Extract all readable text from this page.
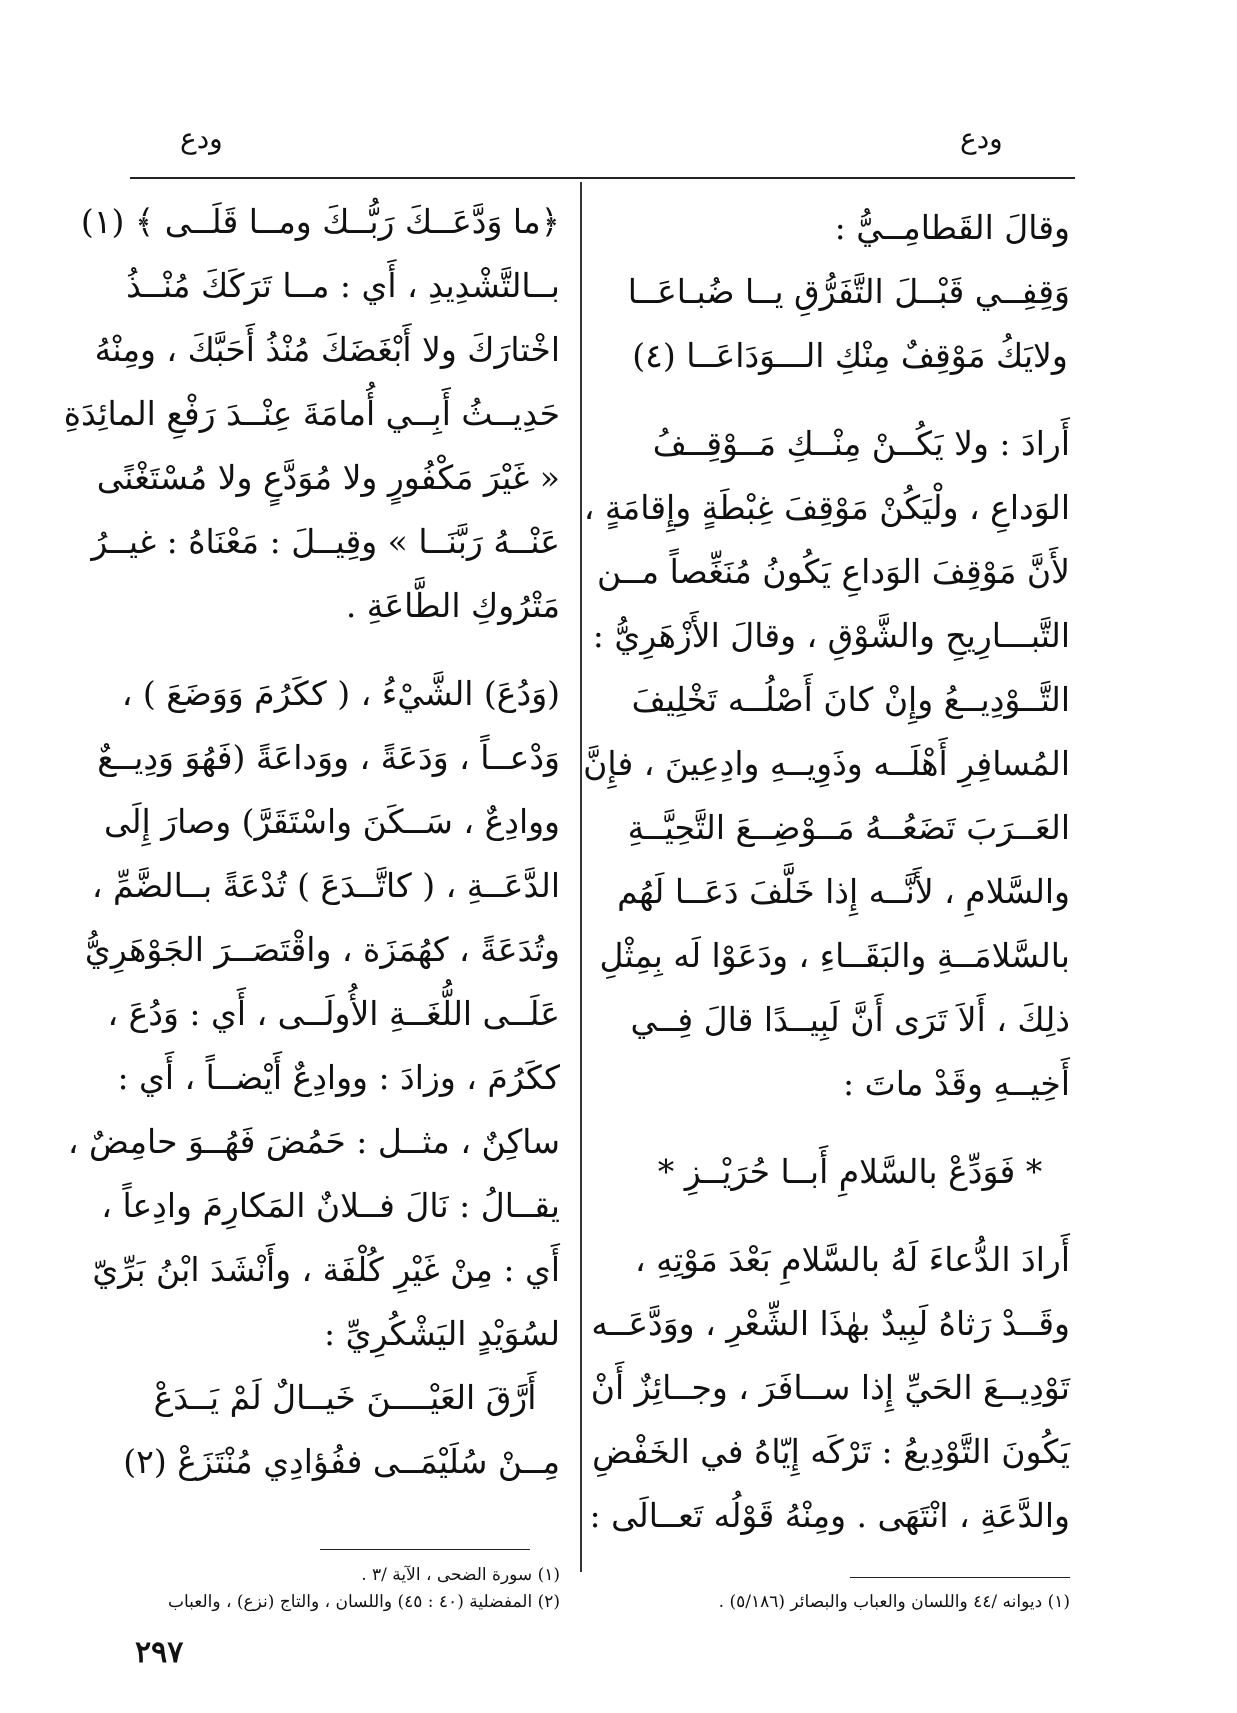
ودع
ودع
وقالَ القَطامِــيُّ :
وَقِفِــي قَبْــلَ التَّفَرُّقِ يــا ضُبـاعَــا
ولايَكُ مَوْقِفٌ مِنْكِ الـــوَدَاعَــا (٤)
أَرادَ : ولا يَكُــنْ مِنْــكِ مَــوْقِــفُ
الوَداعِ ، ولْيَكُنْ مَوْقِفَ غِبْطَةٍ وإِقامَةٍ ،
لأَنَّ مَوْقِفَ الوَداعِ يَكُونُ مُنَغِّصاً مــن
التَّبـــارِيحِ والشَّوْقِ ، وقالَ الأَزْهَرِيُّ :
التَّــوْدِيــعُ وإِنْ كانَ أَصْلُــه تَخْلِيفَ
المُسافِرِ أَهْلَــه وذَوِيــهِ وادِعِينَ ، فإِنَّ
العَــرَبَ تَضَعُــهُ مَــوْضِــعَ التَّحِيَّــةِ
والسَّلامِ ، لأَنَّــه إِذا خَلَّفَ دَعَــا لَهُم
بالسَّلامَــةِ والبَقَــاءِ ، ودَعَوْا لَه بِمِثْلِ
ذلِكَ ، أَلاَ تَرَى أَنَّ لَبِيــدًا قالَ فِــي
أَخِيــهِ وقَدْ ماتَ :
* فَوَدِّعْ بالسَّلامِ أَبــا حُرَيْــزِ *
أَرادَ الدُّعاءَ لَهُ بالسَّلامِ بَعْدَ مَوْتِهِ ،
وقَــدْ رَثاهُ لَبِيدٌ بهٰذَا الشِّعْرِ ، ووَدَّعَــه
تَوْدِيــعَ الحَيِّ إِذا ســافَرَ ، وجــائِزٌ أَنْ
يَكُونَ التَّوْدِيعُ : تَرْكَه إِيّاهُ في الخَفْضِ
والدَّعَةِ ، انْتَهَى . ومِنْهُ قَوْلُه تَعــالَى :
﴿ما وَدَّعَــكَ رَبُّــكَ ومــا قَلَــى ﴾ (١)
بــالتَّشْدِيدِ ، أَي : مــا تَرَكَكَ مُنْــذُ
اخْتارَكَ ولا أَبْغَضَكَ مُنْذُ أَحَبَّكَ ، ومِنْهُ
حَدِيــثُ أَبِــي أُمامَةَ عِنْــدَ رَفْعِ المائِدَةِ
« غَيْرَ مَكْفُورٍ ولا مُوَدَّعٍ ولا مُسْتَغْنًى
عَنْــهُ رَبَّنَــا » وقِيــلَ : مَعْنَاهُ : غيــرُ
مَتْرُوكِ الطَّاعَةِ .
(وَدُعَ) الشَّيْءُ ، ( ككَرُمَ وَوَضَعَ ) ،
وَدْعــاً ، وَدَعَةً ، ووَداعَةً (فَهُوَ وَدِيــعٌ
ووادِعٌ ، سَــكَنَ واسْتَقَرَّ) وصارَ إِلَى
الدَّعَــةِ ، ( كاتَّــدَعَ ) تُدْعَةً بــالضَّمِّ ،
وتُدَعَةً ، كهُمَزَة ، واقْتَصَــرَ الجَوْهَرِيُّ
عَلَــى اللُّغَــةِ الأُولَــى ، أَي : وَدُعَ ،
ككَرُمَ ، وزادَ : ووادِعٌ أَيْضــاً ، أَي :
ساكِنٌ ، مثــل : حَمُضَ فَهُــوَ حامِضٌ ،
يقــالُ : نَالَ فــلانٌ المَكارِمَ وادِعاً ،
أَي : مِنْ غَيْرِ كُلْفَة ، وأَنْشَدَ ابْنُ بَرِّيّ
لسُوَيْدٍ اليَشْكُرِيِّ :
أَرَّقَ العَيْــــنَ خَيــالٌ لَمْ يَــدَعْ
مِــنْ سُلَيْمَــى ففُؤادِي مُنْتَزَعْ (٢)
(١) ديوانه /٤٤ واللسان والعباب والبصائر (٥/١٨٦) .
(١) سورة الضحى ، الآية /٣ .
(٢) المفضلية (٤٠ : ٤٥) واللسان ، والتاج (نزع) ، والعباب
٢٩٧
